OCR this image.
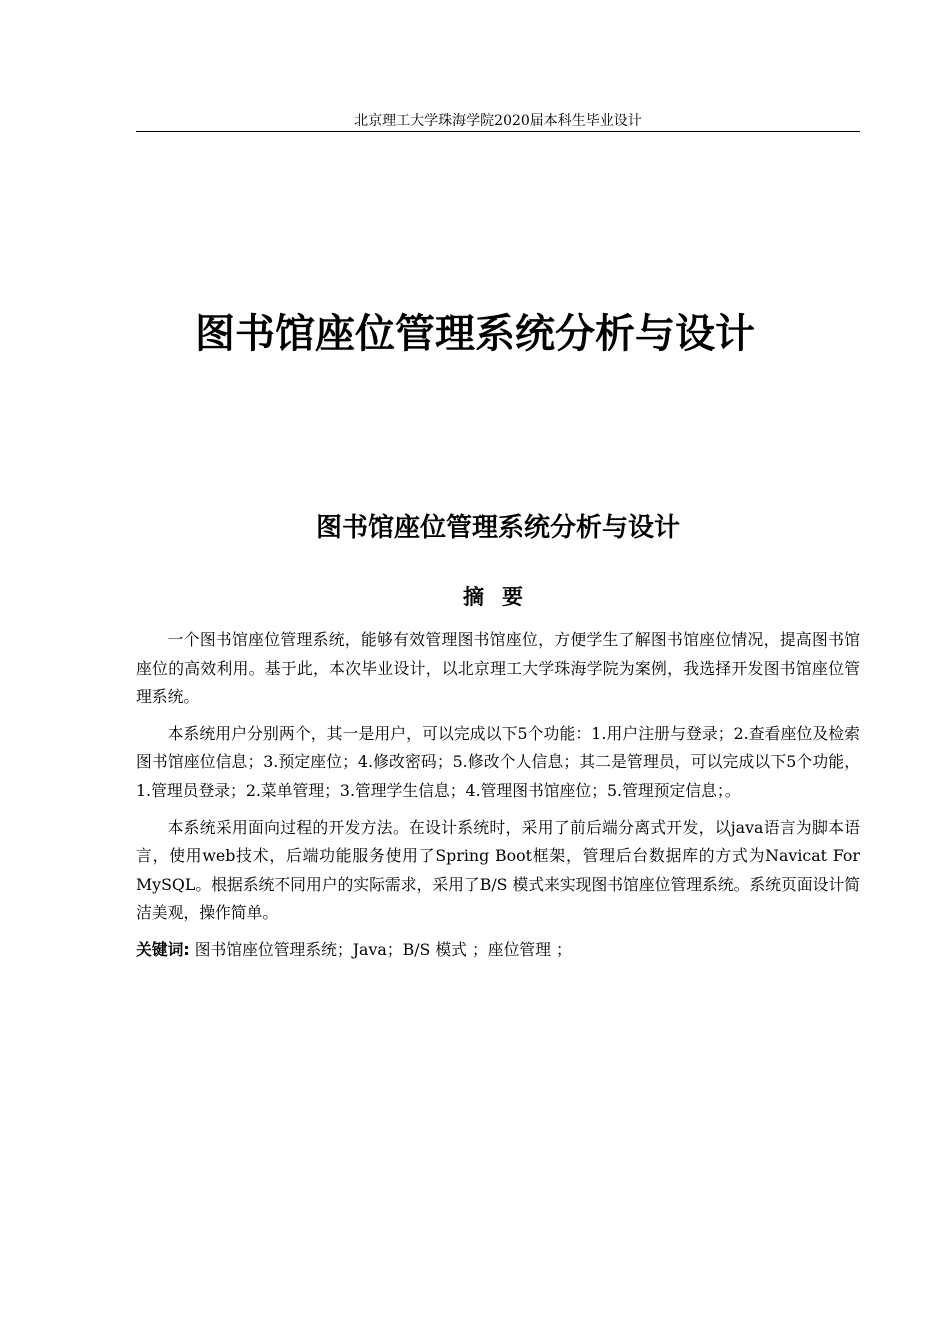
北京理工大学珠海学院2020届本科生毕业设计
图书馆座位管理系统分析与设计
图书馆座位管理系统分析与设计
摘要

一个图书馆座位管理系统，能够有效管理图书馆座位，方便学生了解图书馆座位情况，提高图书馆座位的高效利用。基于此，本次毕业设计，以北京理工大学珠海学院为案例，我选择开发图书馆座位管理系统。

本系统用户分别两个，其一是用户，可以完成以下5个功能：1.用户注册与登录；2.查看座位及检索图书馆座位信息；3.预定座位；4.修改密码；5.修改个人信息；其二是管理员，可以完成以下5个功能，1.管理员登录；2.菜单管理；3.管理学生信息；4.管理图书馆座位；5.管理预定信息；。

本系统采用面向过程的开发方法。在设计系统时，采用了前后端分离式开发，以java语言为脚本语言，使用web技术，后端功能服务使用了Spring Boot框架，管理后台数据库的方式为Navicat For MySQL。根据系统不同用户的实际需求，采用了B/S 模式来实现图书馆座位管理系统。系统页面设计简洁美观，操作简单。

关键词: 图书馆座位管理系统；Java；B/S 模式 ；座位管理 ；
